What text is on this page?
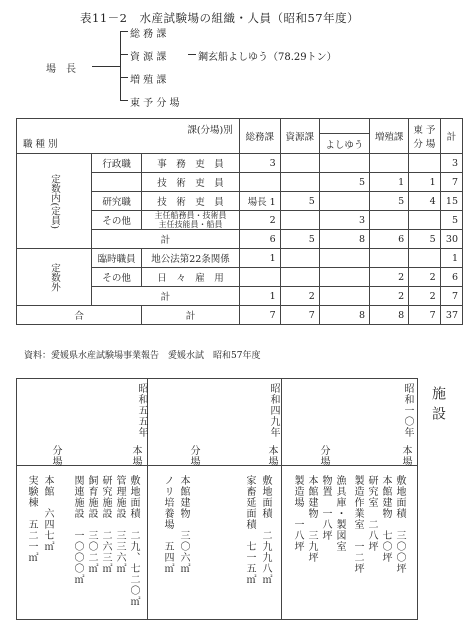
表11－2　水産試験場の組織・人員（昭和57年度）
場　長
総 務 課
資 源 課
増 殖 課
東 予 分 場
鋼玄船よしゆう（78.29トン）
課(分場)別
職 種 別			総務課	資源課		増殖課	東 予
分 場	計
					よしゆう			
定数内(定員)	行政職	事　務　吏　員	3					3
		技　術　吏　員			5	1	1	7
	研究職	技　術　吏　員	場長 1	5		5	4	15
	その他	主任船務員・技術員
主任技能員・船員	2		3			5
	計		6	5	8	6	5	30
定数外	臨時職員	地公法第22条関係	1					1
	その他	日　々　雇　用				2	2	6
	計		1	2		2	2	7
合		計	7	7	8	8	7	37
資料：愛媛県水産試験場事業報告　愛媛水試　昭和57年度
施設
昭和五五年
本場
分場
敷地面積　二九、七二〇㎡
管理施設　三三六㎡
研究施設　二六三㎡
飼育施設　三〇二㎡
関連施設　一〇〇〇㎡
本館　六四七㎡
実験棟　五二一㎡
昭和四九年
本場
分場
敷地面積　二九九八㎡
家畜延面積　七一五㎡
本館建物　三〇六㎡
ノリ培養場　五四㎡
昭和一〇年
本場
分場
敷地面積　三〇〇坪
本館建物　七〇坪
研究室　二八坪
製造作業室　一二坪
漁具庫・製図室
物置　一八坪
本館建物　三九坪
製造場　一八坪
